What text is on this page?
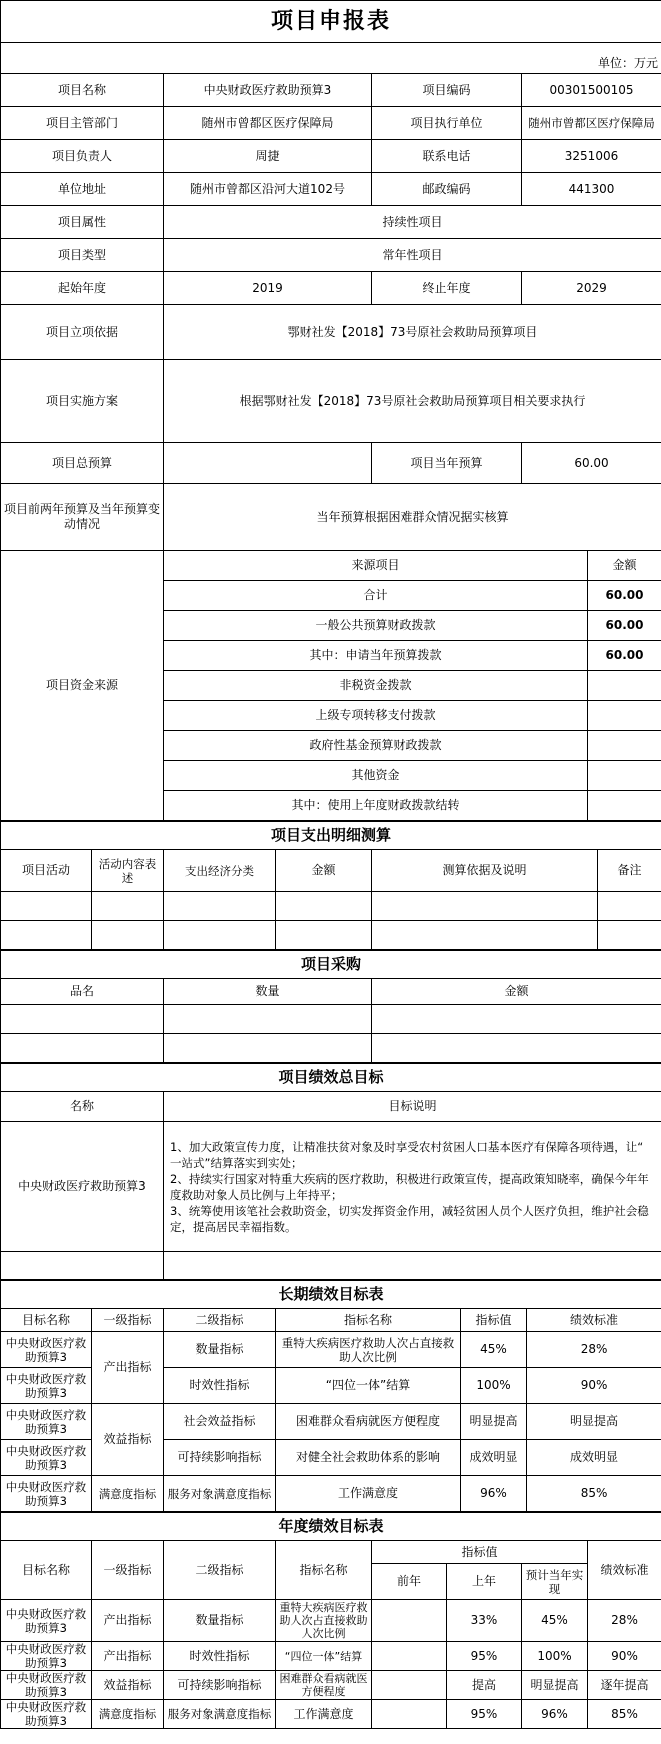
项目申报表				
单位：万元				
项目名称	中央财政医疗救助预算3	项目编码	00301500105	
项目主管部门	随州市曾都区医疗保障局	项目执行单位	随州市曾都区医疗保障局	
项目负责人	周捷	联系电话	3251006	
单位地址	随州市曾都区沿河大道102号	邮政编码	441300	
项目属性	持续性项目			
项目类型	常年性项目			
起始年度	2019	终止年度	2029	
项目立项依据	鄂财社发【2018】73号原社会救助局预算项目			
项目实施方案	根据鄂财社发【2018】73号原社会救助局预算项目相关要求执行			
项目总预算		项目当年预算	60.00	
项目前两年预算及当年预算变动情况	当年预算根据困难群众情况据实核算			
项目资金来源	来源项目			金额
	合计			60.00
	一般公共预算财政拨款			60.00
	其中：申请当年预算拨款			60.00
	非税资金拨款			
	上级专项转移支付拨款			
	政府性基金预算财政拨款			
	其他资金			
	其中：使用上年度财政拨款结转			
项目支出明细测算					
项目活动	活动内容表述	支出经济分类	金额	测算依据及说明	备注

项目采购		
品名	数量	金额

项目绩效总目标	
名称	目标说明
中央财政医疗救助预算3	1、加大政策宣传力度，让精准扶贫对象及时享受农村贫困人口基本医疗有保障各项待遇，让“ 一站式”结算落实到实处；
2、持续实行国家对特重大疾病的医疗救助，积极进行政策宣传，提高政策知晓率，确保今年年度救助对象人员比例与上年持平；
3、统筹使用该笔社会救助资金，切实发挥资金作用，减轻贫困人员个人医疗负担，维护社会稳定，提高居民幸福指数。

长期绩效目标表					
目标名称	一级指标	二级指标	指标名称	指标值	绩效标准
中央财政医疗救助预算3	产出指标	数量指标	重特大疾病医疗救助人次占直接救助人次比例	45%	28%
中央财政医疗救助预算3		时效性指标	“四位一体”结算	100%	90%
中央财政医疗救助预算3	效益指标	社会效益指标	困难群众看病就医方便程度	明显提高	明显提高
中央财政医疗救助预算3		可持续影响指标	对健全社会救助体系的影响	成效明显	成效明显
中央财政医疗救助预算3	满意度指标	服务对象满意度指标	工作满意度	96%	85%
年度绩效目标表							
目标名称	一级指标	二级指标	指标名称	指标值			绩效标准
				前年	上年	预计当年实现	
中央财政医疗救助预算3	产出指标	数量指标	重特大疾病医疗救助人次占直接救助人次比例		33%	45%	28%
中央财政医疗救助预算3	产出指标	时效性指标	“四位一体”结算		95%	100%	90%
中央财政医疗救助预算3	效益指标	可持续影响指标	困难群众看病就医方便程度		提高	明显提高	逐年提高
中央财政医疗救助预算3	满意度指标	服务对象满意度指标	工作满意度		95%	96%	85%
